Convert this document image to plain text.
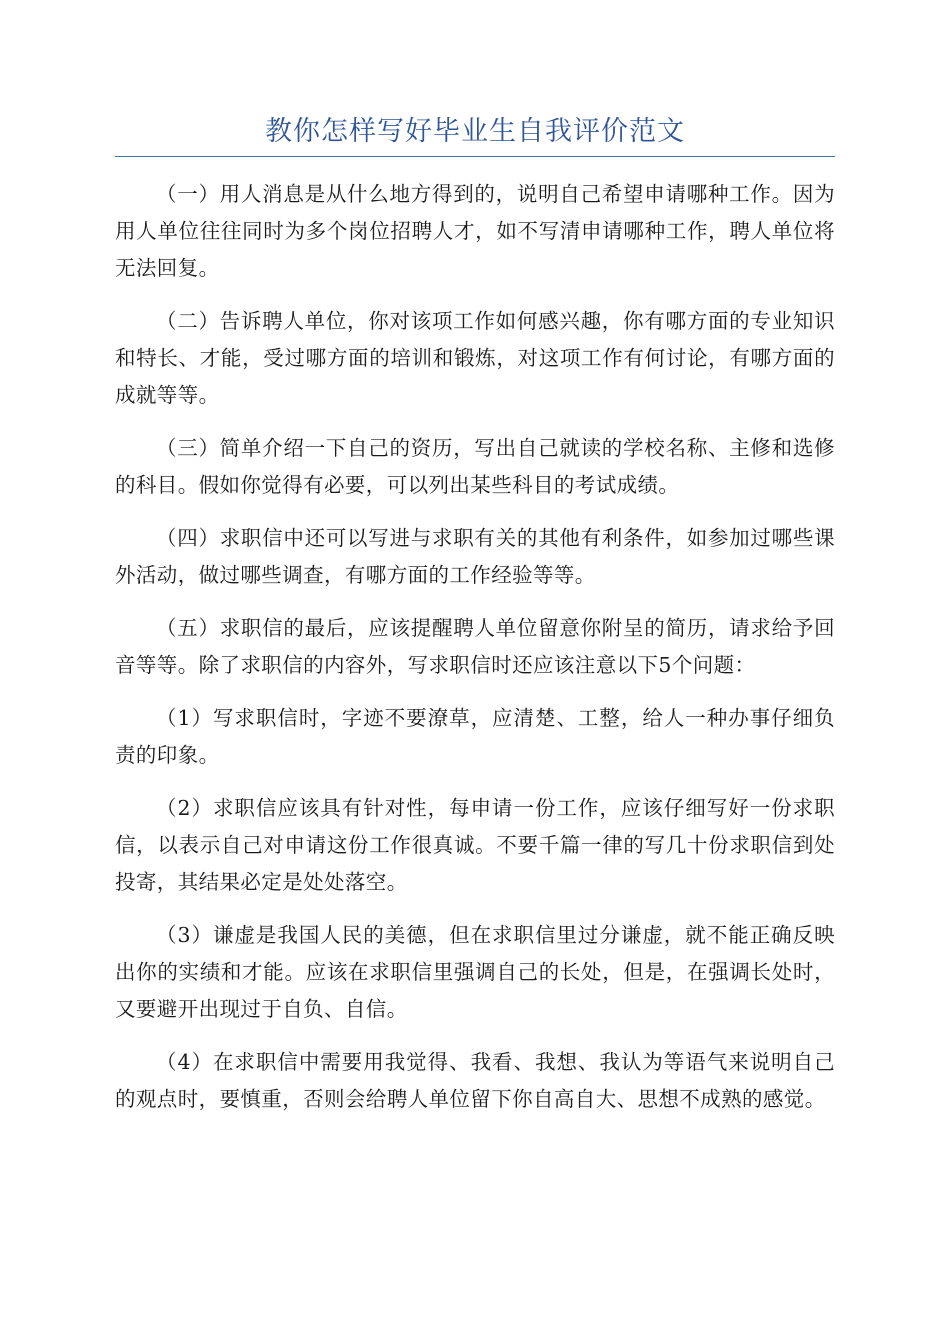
教你怎样写好毕业生自我评价范文

（一）用人消息是从什么地方得到的，说明自己希望申请哪种工作。因为用人单位往往同时为多个岗位招聘人才，如不写清申请哪种工作，聘人单位将无法回复。

（二）告诉聘人单位，你对该项工作如何感兴趣，你有哪方面的专业知识和特长、才能，受过哪方面的培训和锻炼，对这项工作有何讨论，有哪方面的成就等等。

（三）简单介绍一下自己的资历，写出自己就读的学校名称、主修和选修的科目。假如你觉得有必要，可以列出某些科目的考试成绩。

（四）求职信中还可以写进与求职有关的其他有利条件，如参加过哪些课外活动，做过哪些调查，有哪方面的工作经验等等。

（五）求职信的最后，应该提醒聘人单位留意你附呈的简历，请求给予回音等等。除了求职信的内容外，写求职信时还应该注意以下5个问题：

（1）写求职信时，字迹不要潦草，应清楚、工整，给人一种办事仔细负责的印象。

（2）求职信应该具有针对性，每申请一份工作，应该仔细写好一份求职信，以表示自己对申请这份工作很真诚。不要千篇一律的写几十份求职信到处投寄，其结果必定是处处落空。

（3）谦虚是我国人民的美德，但在求职信里过分谦虚，就不能正确反映出你的实绩和才能。应该在求职信里强调自己的长处，但是，在强调长处时，又要避开出现过于自负、自信。

（4）在求职信中需要用我觉得、我看、我想、我认为等语气来说明自己的观点时，要慎重，否则会给聘人单位留下你自高自大、思想不成熟的感觉。
